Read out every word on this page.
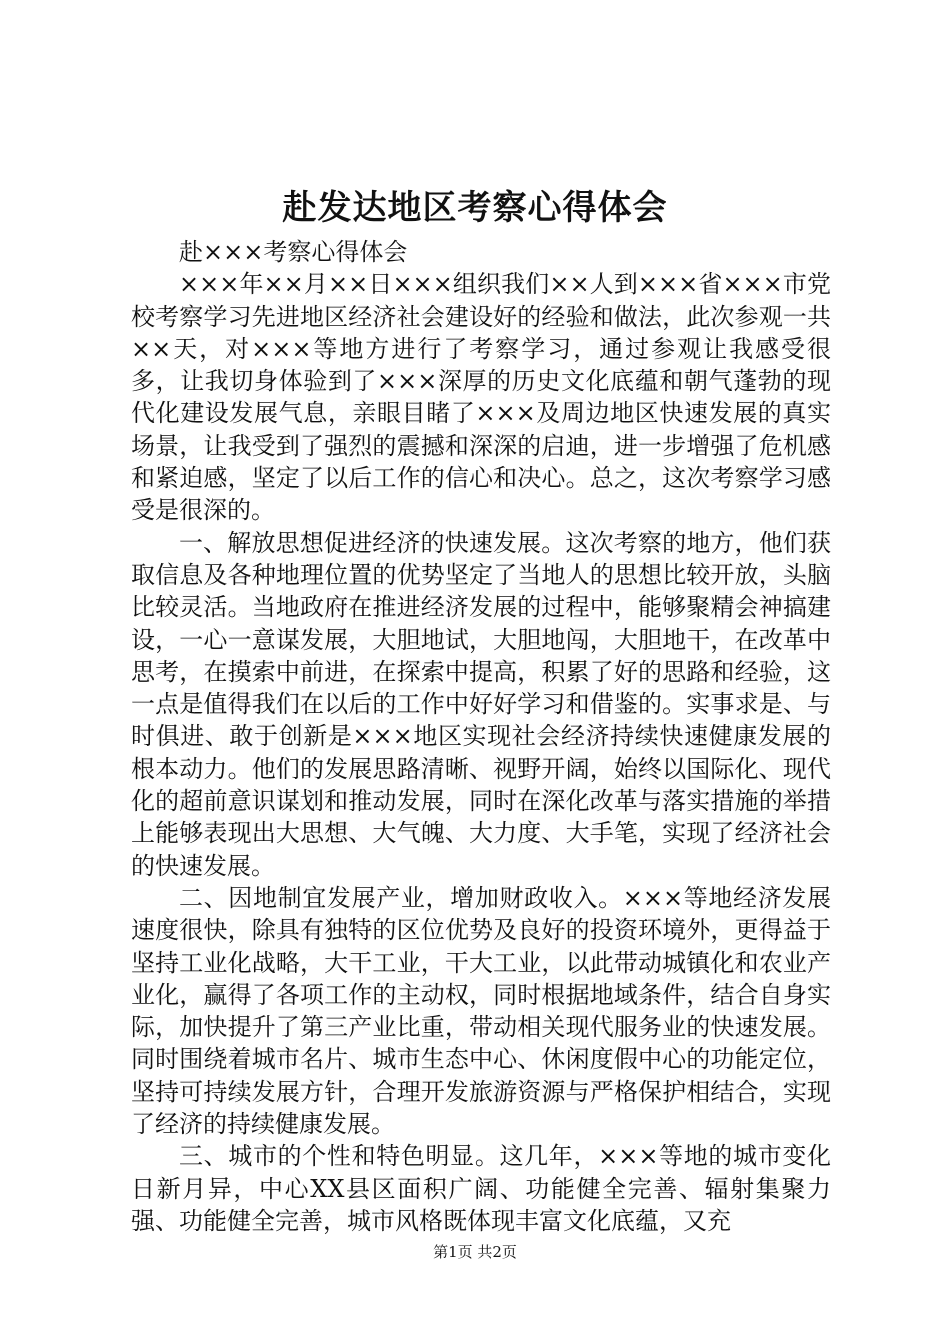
赴发达地区考察心得体会

赴×××考察心得体会

×××年××月××日×××组织我们××人到×××省×××市党校考察学习先进地区经济社会建设好的经验和做法，此次参观一共××天，对×××等地方进行了考察学习，通过参观让我感受很多，让我切身体验到了×××深厚的历史文化底蕴和朝气蓬勃的现代化建设发展气息，亲眼目睹了×××及周边地区快速发展的真实场景，让我受到了强烈的震撼和深深的启迪，进一步增强了危机感和紧迫感，坚定了以后工作的信心和决心。总之，这次考察学习感受是很深的。

一、解放思想促进经济的快速发展。这次考察的地方，他们获取信息及各种地理位置的优势坚定了当地人的思想比较开放，头脑比较灵活。当地政府在推进经济发展的过程中，能够聚精会神搞建设，一心一意谋发展，大胆地试，大胆地闯，大胆地干，在改革中思考，在摸索中前进，在探索中提高，积累了好的思路和经验，这一点是值得我们在以后的工作中好好学习和借鉴的。实事求是、与时俱进、敢于创新是×××地区实现社会经济持续快速健康发展的根本动力。他们的发展思路清晰、视野开阔，始终以国际化、现代化的超前意识谋划和推动发展，同时在深化改革与落实措施的举措上能够表现出大思想、大气魄、大力度、大手笔，实现了经济社会的快速发展。

二、因地制宜发展产业，增加财政收入。×××等地经济发展速度很快，除具有独特的区位优势及良好的投资环境外，更得益于坚持工业化战略，大干工业，干大工业，以此带动城镇化和农业产业化，赢得了各项工作的主动权，同时根据地域条件，结合自身实际，加快提升了第三产业比重，带动相关现代服务业的快速发展。同时围绕着城市名片、城市生态中心、休闲度假中心的功能定位，坚持可持续发展方针，合理开发旅游资源与严格保护相结合，实现了经济的持续健康发展。

三、城市的个性和特色明显。这几年，×××等地的城市变化日新月异，中心XX县区面积广阔、功能健全完善、辐射集聚力强、功能健全完善，城市风格既体现丰富文化底蕴，又充

第1页 共2页
